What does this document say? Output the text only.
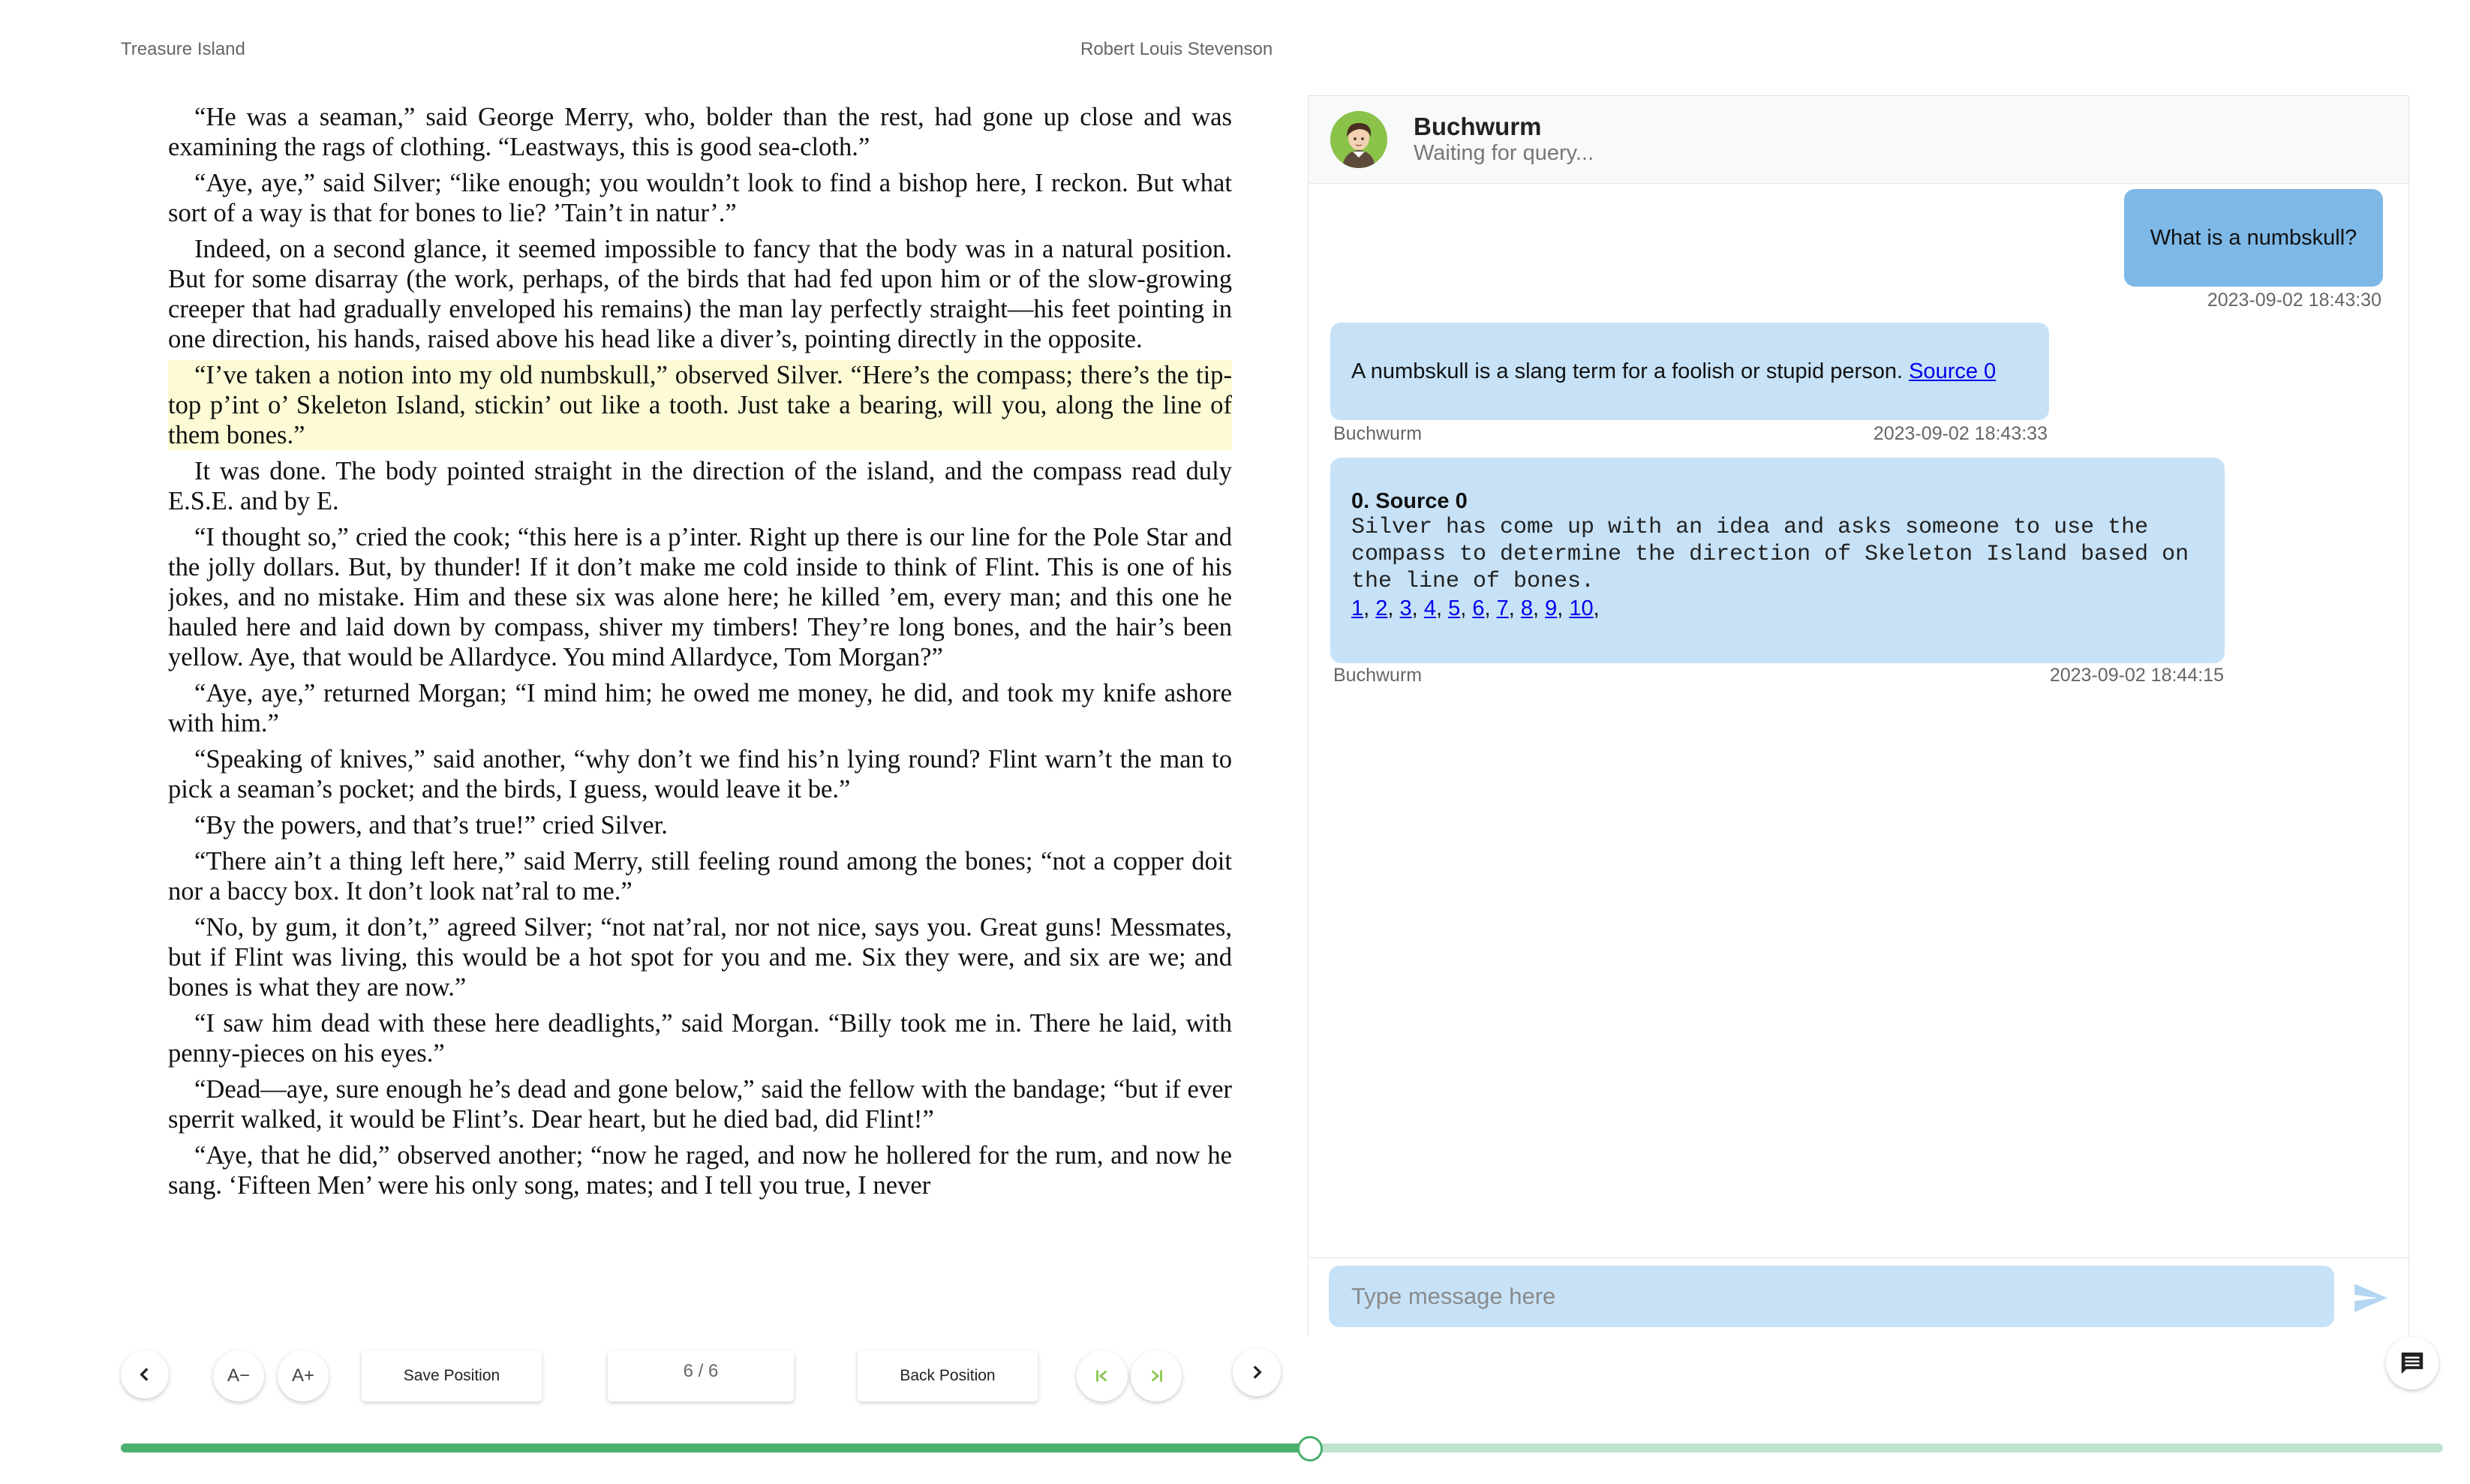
Treasure Island	Robert Louis Stevenson

“He was a seaman,” said George Merry, who, bolder than the rest, had gone up close and was examining the rags of clothing. “Leastways, this is good sea-cloth.”

“Aye, aye,” said Silver; “like enough; you wouldn’t look to find a bishop here, I reckon. But what sort of a way is that for bones to lie? ’Tain’t in natur’.”

Indeed, on a second glance, it seemed impossible to fancy that the body was in a natural position. But for some disarray (the work, perhaps, of the birds that had fed upon him or of the slow-growing creeper that had gradually enveloped his remains) the man lay perfectly straight—his feet pointing in one direction, his hands, raised above his head like a diver’s, pointing directly in the opposite.

“I’ve taken a notion into my old numbskull,” observed Silver. “Here’s the compass; there’s the tip-top p’int o’ Skeleton Island, stickin’ out like a tooth. Just take a bearing, will you, along the line of them bones.”

It was done. The body pointed straight in the direction of the island, and the compass read duly E.S.E. and by E.

“I thought so,” cried the cook; “this here is a p’inter. Right up there is our line for the Pole Star and the jolly dollars. But, by thunder! If it don’t make me cold inside to think of Flint. This is one of his jokes, and no mistake. Him and these six was alone here; he killed ’em, every man; and this one he hauled here and laid down by compass, shiver my timbers! They’re long bones, and the hair’s been yellow. Aye, that would be Allardyce. You mind Allardyce, Tom Morgan?”

“Aye, aye,” returned Morgan; “I mind him; he owed me money, he did, and took my knife ashore with him.”

“Speaking of knives,” said another, “why don’t we find his’n lying round? Flint warn’t the man to pick a seaman’s pocket; and the birds, I guess, would leave it be.”

“By the powers, and that’s true!” cried Silver.

“There ain’t a thing left here,” said Merry, still feeling round among the bones; “not a copper doit nor a baccy box. It don’t look nat’ral to me.”

“No, by gum, it don’t,” agreed Silver; “not nat’ral, nor not nice, says you. Great guns! Messmates, but if Flint was living, this would be a hot spot for you and me. Six they were, and six are we; and bones is what they are now.”

“I saw him dead with these here deadlights,” said Morgan. “Billy took me in. There he laid, with penny-pieces on his eyes.”

“Dead—aye, sure enough he’s dead and gone below,” said the fellow with the bandage; “but if ever sperrit walked, it would be Flint’s. Dear heart, but he died bad, did Flint!”

“Aye, that he did,” observed another; “now he raged, and now he hollered for the rum, and now he sang. ‘Fifteen Men’ were his only song, mates; and I tell you true, I never

Buchwurm
Waiting for query...
What is a numbskull?
2023-09-02 18:43:30
A numbskull is a slang term for a foolish or stupid person. Source 0
Buchwurm	2023-09-02 18:43:33
0. Source 0
Silver has come up with an idea and asks someone to use the compass to determine the direction of Skeleton Island based on the line of bones.
1, 2, 3, 4, 5, 6, 7, 8, 9, 10,
Buchwurm	2023-09-02 18:44:15
Type message here
A−	A+	Save Position	6 / 6	Back Position
